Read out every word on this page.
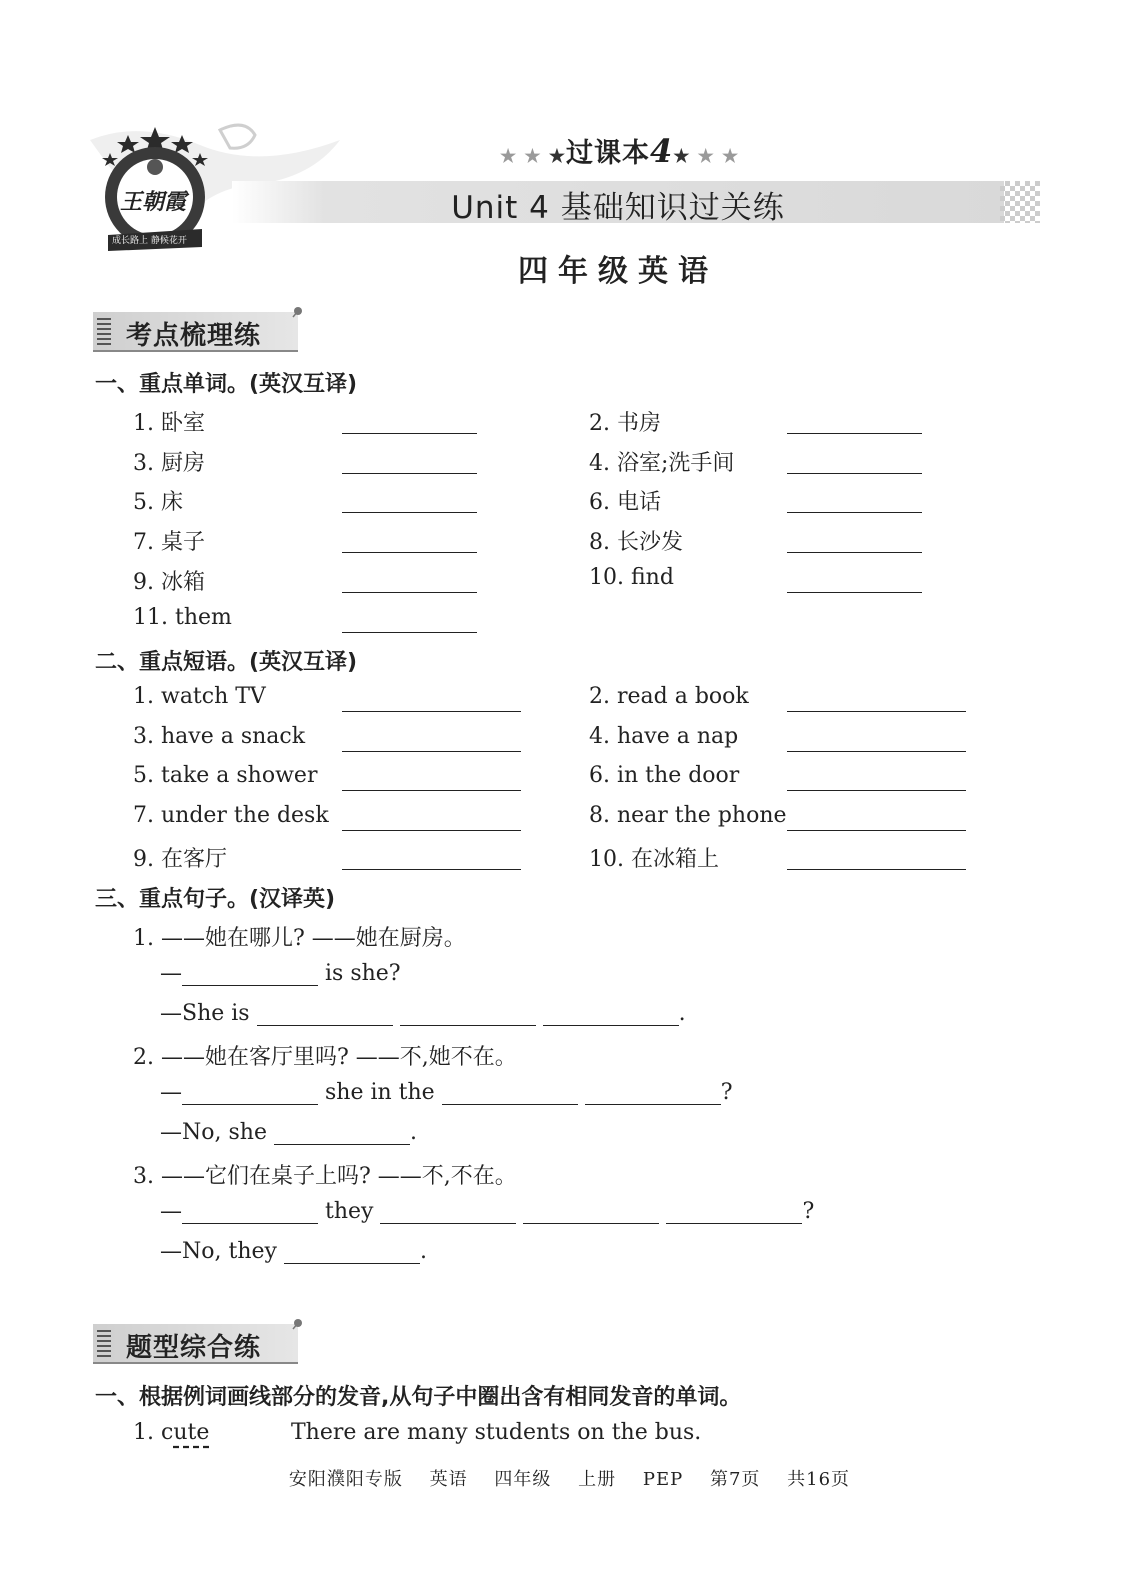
王朝霞
成长路上 静候花开
★ ★ ★过课本4★ ★ ★
Unit 4 基础知识过关练
四年级英语
考点梳理练
一、重点单词。(英汉互译)
1. 卧室	2. 书房
3. 厨房	4. 浴室;洗手间
5. 床	6. 电话
7. 桌子	8. 长沙发
9. 冰箱	10. find
11. them
二、重点短语。(英汉互译)
1. watch TV	2. read a book
3. have a snack	4. have a nap
5. take a shower	6. in the door
7. under the desk	8. near the phone
9. 在客厅	10. 在冰箱上
三、重点句子。(汉译英)
1. ——她在哪儿? ——她在厨房。
—	is she?
—She is	.
2. ——她在客厅里吗? ——不,她不在。
—	she in the	?
—No, she	.
3. ——它们在桌子上吗? ——不,不在。
—	they	?
—No, they	.
题型综合练
一、根据例词画线部分的发音,从句子中圈出含有相同发音的单词。
1. cute	There are many students on the bus.
安阳濮阳专版 英语 四年级 上册 PEP 第7页 共16页
